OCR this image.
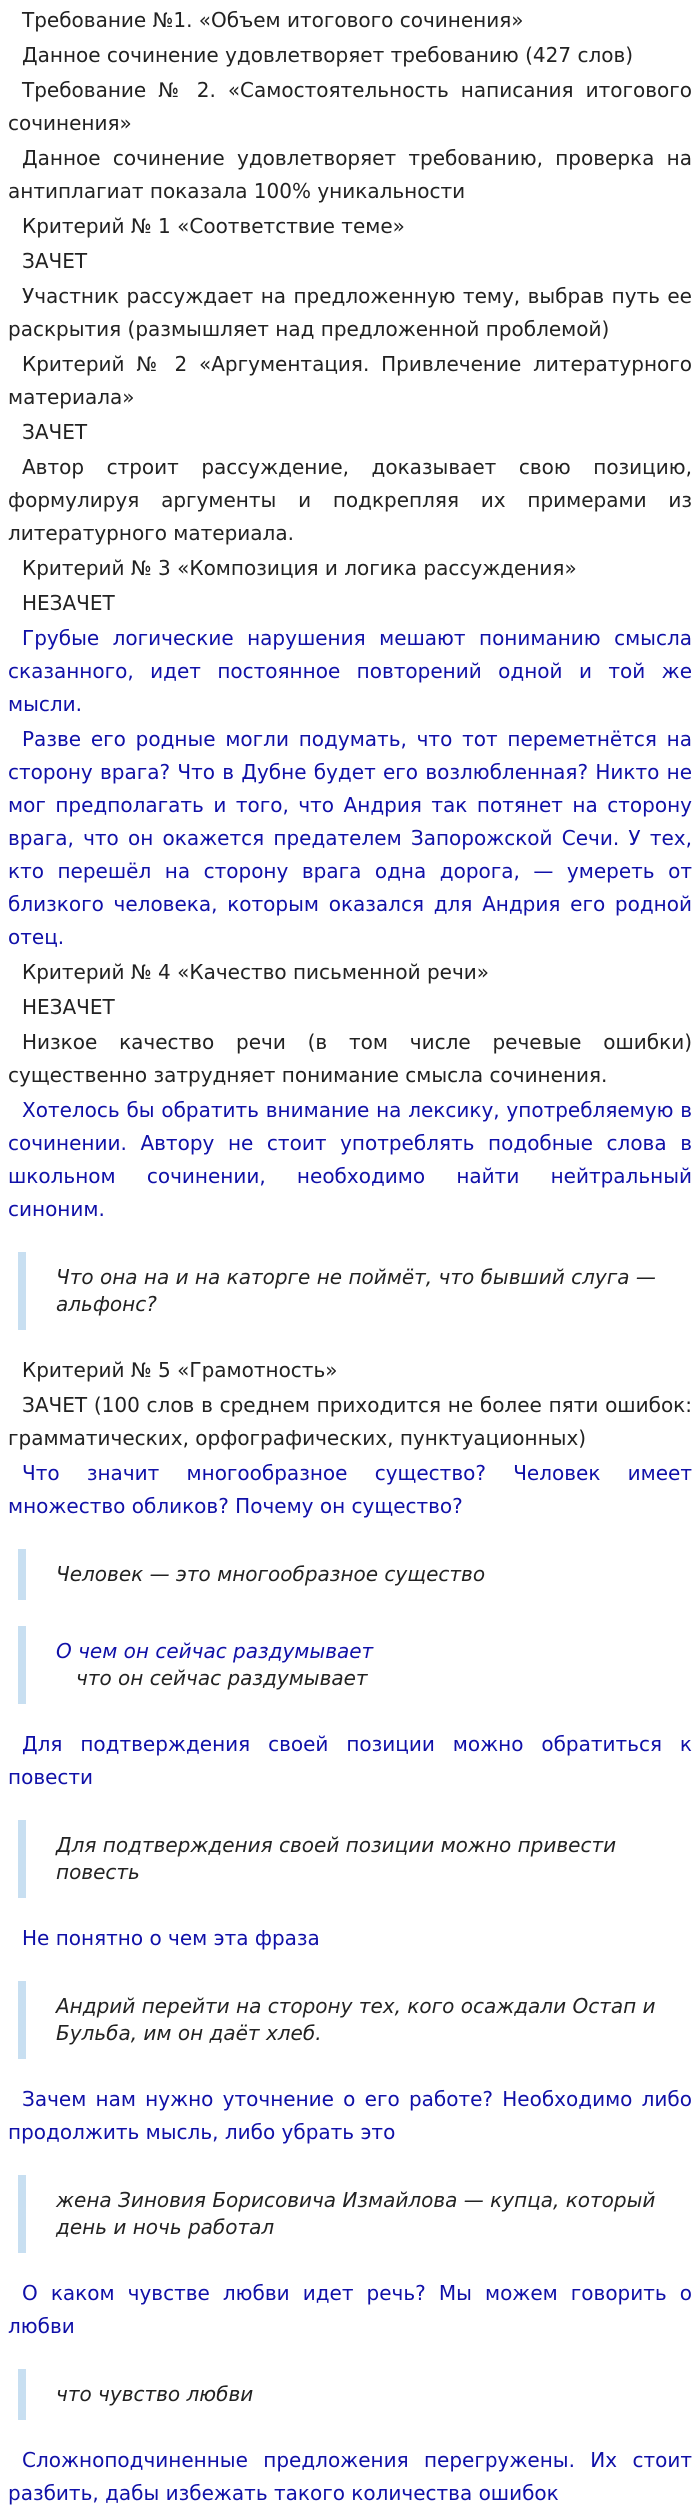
Требование №1. «Объем итогового сочинения»

Данное сочинение удовлетворяет требованию (427 слов)

Требование № 2. «Самостоятельность написания итогового сочинения»

Данное сочинение удовлетворяет требованию, проверка на антиплагиат показала 100% уникальности

Критерий № 1 «Соответствие теме»

ЗАЧЕТ

Участник рассуждает на предложенную тему, выбрав путь ее раскрытия (размышляет над предложенной проблемой)

Критерий № 2 «Аргументация. Привлечение литературного материала»

ЗАЧЕТ

Автор строит рассуждение, доказывает свою позицию, формулируя аргументы и подкрепляя их примерами из литературного материала.

Критерий № 3 «Композиция и логика рассуждения»

НЕЗАЧЕТ

Грубые логические нарушения мешают пониманию смысла сказанного, идет постоянное повторений одной и той же мысли.

Разве его родные могли подумать, что тот переметнётся на сторону врага? Что в Дубне будет его возлюбленная? Никто не мог предполагать и того, что Андрия так потянет на сторону врага, что он окажется предателем Запорожской Сечи. У тех, кто перешёл на сторону врага одна дорога, — умереть от близкого человека, которым оказался для Андрия его родной отец.

Критерий № 4 «Качество письменной речи»

НЕЗАЧЕТ

Низкое качество речи (в том числе речевые ошибки) существенно затрудняет понимание смысла сочинения.

Хотелось бы обратить внимание на лексику, употребляемую в сочинении. Автору не стоит употреблять подобные слова в школьном сочинении, необходимо найти нейтральный синоним.

Что она на и на каторге не поймёт, что бывший слуга — альфонс?

Критерий № 5 «Грамотность»

ЗАЧЕТ (100 слов в среднем приходится не более пяти ошибок: грамматических, орфографических, пунктуационных)

Что значит многообразное существо? Человек имеет множество обликов? Почему он существо?

Человек — это многообразное существо
О чем он сейчас раздумывает
что он сейчас раздумывает

Для подтверждения своей позиции можно обратиться к повести

Для подтверждения своей позиции можно привести повесть

Не понятно о чем эта фраза

Андрий перейти на сторону тех, кого осаждали Остап и Бульба, им он даёт хлеб.

Зачем нам нужно уточнение о его работе? Необходимо либо продолжить мысль, либо убрать это

жена Зиновия Борисовича Измайлова — купца, который день и ночь работал

О каком чувстве любви идет речь? Мы можем говорить о любви

что чувство любви

Сложноподчиненные предложения перегружены. Их стоит разбить, дабы избежать такого количества ошибок
